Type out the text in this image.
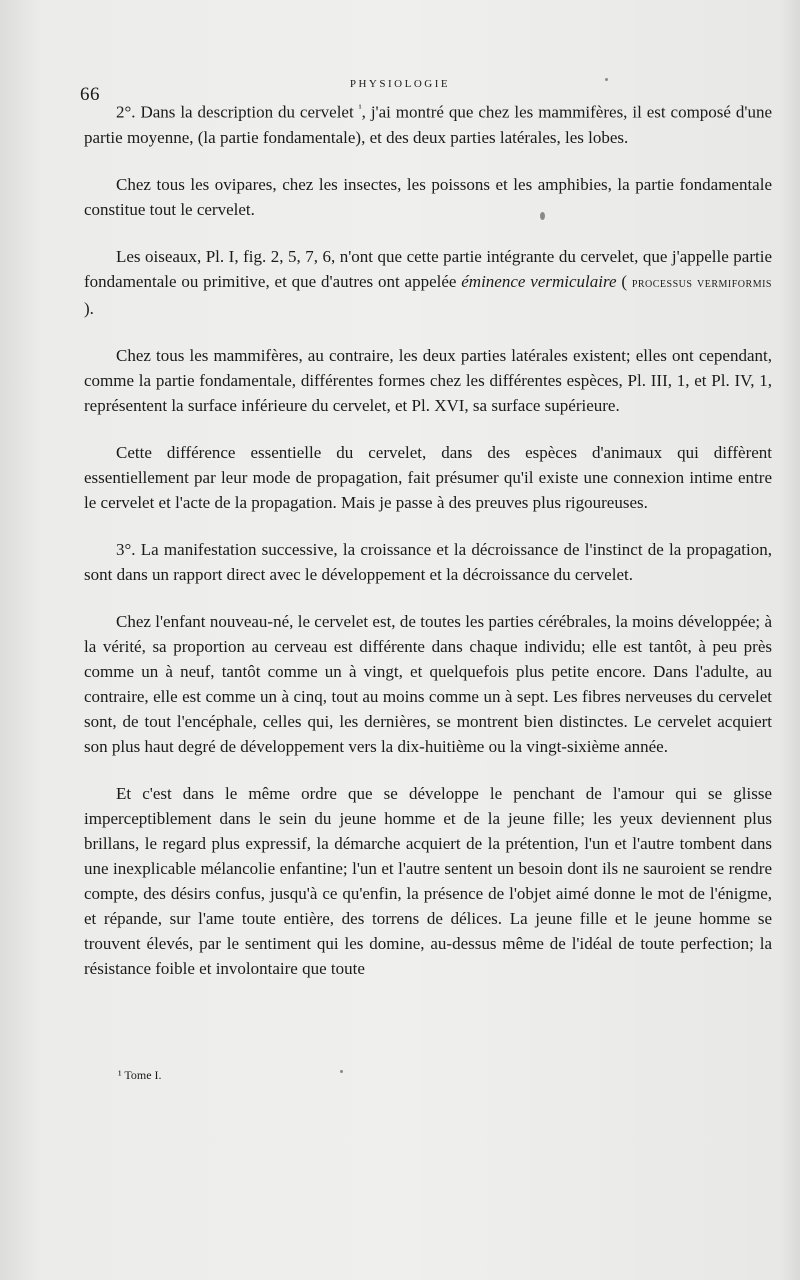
66	PHYSIOLOGIE

2°. Dans la description du cervelet $^{^1}$, j'ai montré que chez les mammifères, il est composé d'une partie moyenne, (la partie fondamentale), et des deux parties latérales, les lobes.

Chez tous les ovipares, chez les insectes, les poissons et les amphibies, la partie fondamentale constitue tout le cervelet.

Les oiseaux, Pl. I, fig. 2, 5, 7, 6, n'ont que cette partie intégrante du cervelet, que j'appelle partie fondamentale ou primitive, et que d'autres ont appelée éminence vermiculaire ( processus vermiformis ).

Chez tous les mammifères, au contraire, les deux parties latérales existent; elles ont cependant, comme la partie fondamentale, différentes formes chez les différentes espèces, Pl. III, 1, et Pl. IV, 1, représentent la surface inférieure du cervelet, et Pl. XVI, sa surface supérieure.

Cette différence essentielle du cervelet, dans des espèces d'animaux qui diffèrent essentiellement par leur mode de propagation, fait présumer qu'il existe une connexion intime entre le cervelet et l'acte de la propagation. Mais je passe à des preuves plus rigoureuses.

3°. La manifestation successive, la croissance et la décroissance de l'instinct de la propagation, sont dans un rapport direct avec le développement et la décroissance du cervelet.

Chez l'enfant nouveau-né, le cervelet est, de toutes les parties cérébrales, la moins développée; à la vérité, sa proportion au cerveau est différente dans chaque individu; elle est tantôt, à peu près comme un à neuf, tantôt comme un à vingt, et quelquefois plus petite encore. Dans l'adulte, au contraire, elle est comme un à cinq, tout au moins comme un à sept. Les fibres nerveuses du cervelet sont, de tout l'encéphale, celles qui, les dernières, se montrent bien distinctes. Le cervelet acquiert son plus haut degré de développement vers la dix-huitième ou la vingt-sixième année.

Et c'est dans le même ordre que se développe le penchant de l'amour qui se glisse imperceptiblement dans le sein du jeune homme et de la jeune fille; les yeux deviennent plus brillans, le regard plus expressif, la démarche acquiert de la prétention, l'un et l'autre tombent dans une inexplicable mélancolie enfantine; l'un et l'autre sentent un besoin dont ils ne sauroient se rendre compte, des désirs confus, jusqu'à ce qu'enfin, la présence de l'objet aimé donne le mot de l'énigme, et répande, sur l'ame toute entière, des torrens de délices. La jeune fille et le jeune homme se trouvent élevés, par le sentiment qui les domine, au-dessus même de l'idéal de toute perfection; la résistance foible et involontaire que toute

¹ Tome I.
